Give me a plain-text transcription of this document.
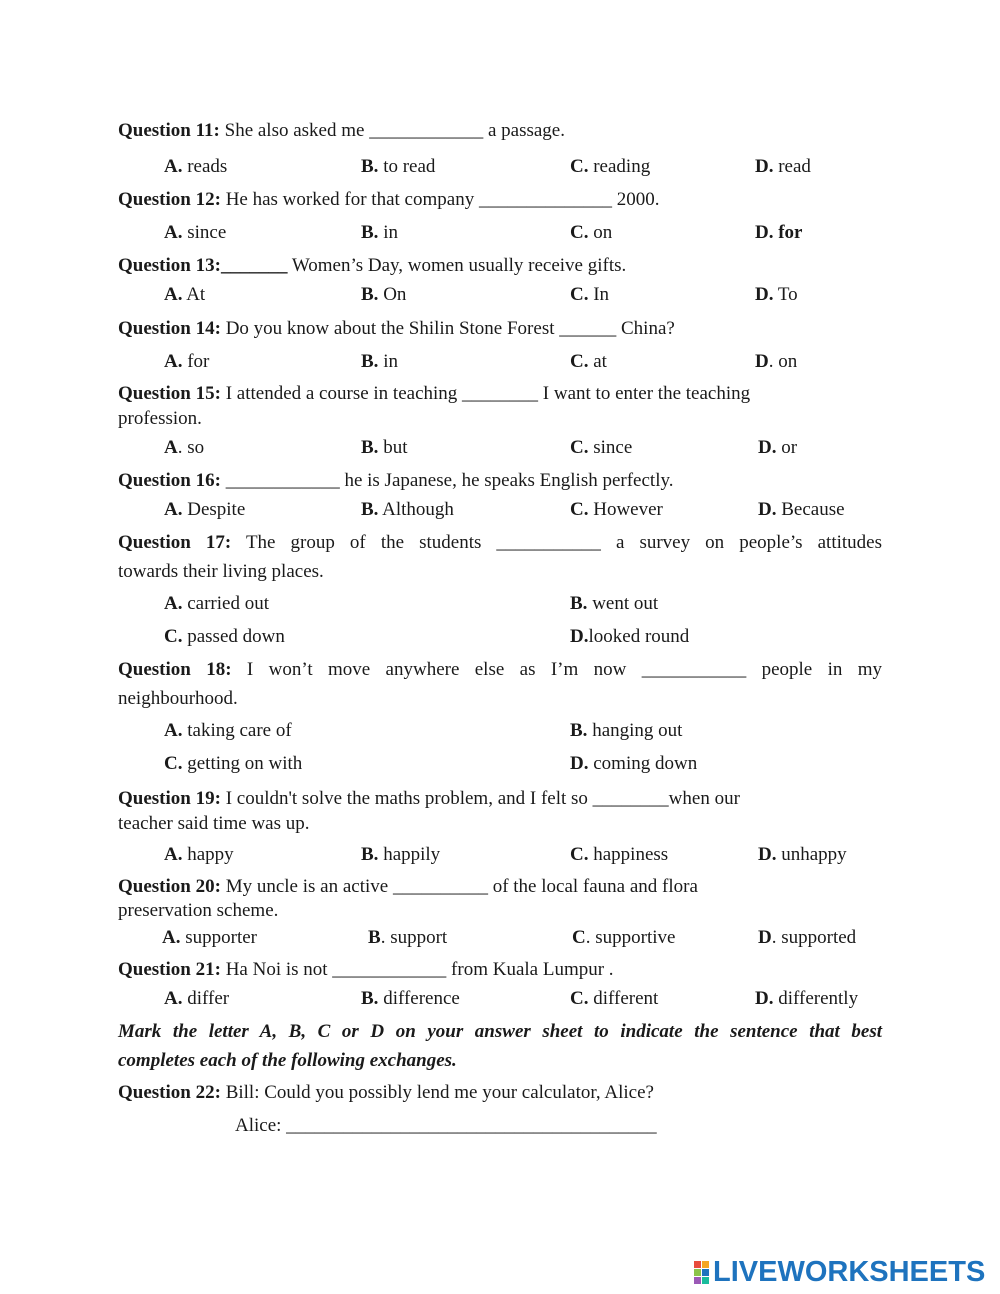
Question 11: She also asked me ____________ a passage.
A. reads	B. to read	C. reading	D. read
Question 12: He has worked for that company ______________ 2000.
A. since	B. in	C. on	D. for
Question 13:_______ Women’s Day, women usually receive gifts.
A. At	B. On	C. In	D. To
Question 14: Do you know about the Shilin Stone Forest ______ China?
A. for	B. in	C. at	D. on
Question 15: I attended a course in teaching ________ I want to enter the teaching
profession.
A. so	B. but	C. since	D. or
Question 16: ____________ he is Japanese, he speaks English perfectly.
A. Despite	B. Although	C. However	D. Because
Question 17: The group of the students ___________ a survey on people’s attitudes
towards their living places.
A. carried out	B. went out
C. passed down	D.looked round
Question 18: I won’t move anywhere else as I’m now ___________ people in my
neighbourhood.
A. taking care of	B. hanging out
C. getting on with	D. coming down
Question 19: I couldn't solve the maths problem, and I felt so ________when our
teacher said time was up.
A. happy	B. happily	C. happiness	D. unhappy
Question 20: My uncle is an active __________ of the local fauna and flora
preservation scheme.
A. supporter	B. support	C. supportive	D. supported
Question 21: Ha Noi is not ____________ from Kuala Lumpur .
A. differ	B. difference	C. different	D. differently
Mark the letter A, B, C or D on your answer sheet to indicate the sentence that best
completes each of the following exchanges.
Question 22: Bill: Could you possibly lend me your calculator, Alice?
Alice: _______________________________________
LIVEWORKSHEETS
